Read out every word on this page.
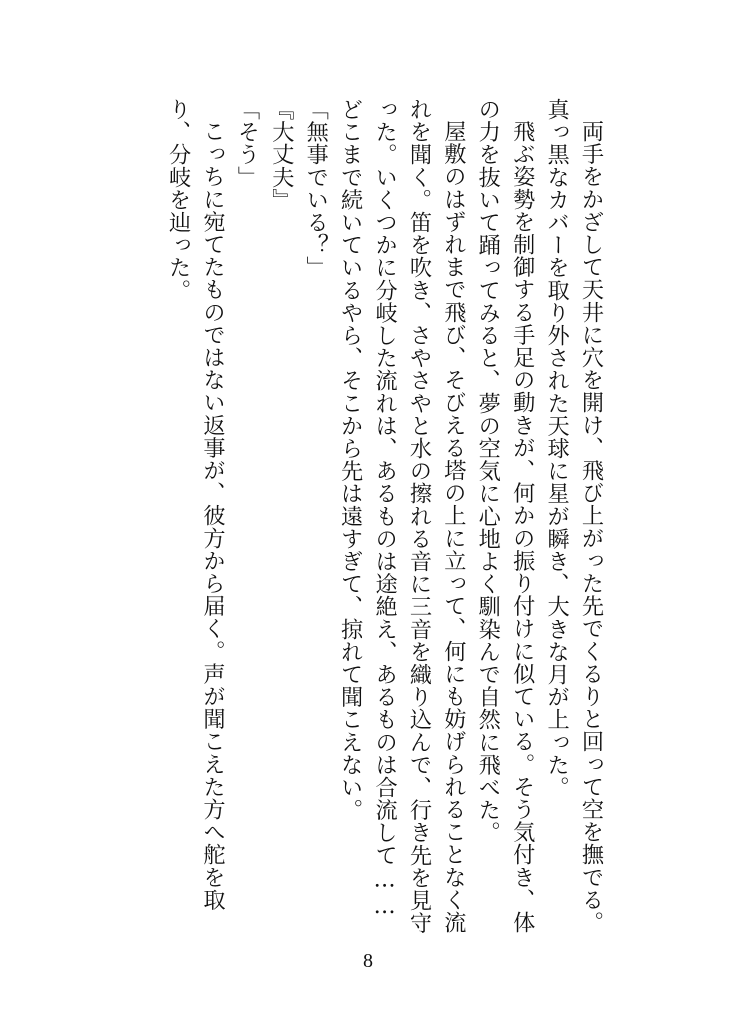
両手をかざして天井に穴を開け、飛び上がった先でくるりと回って空を撫でる。真っ黒なカバーを取り外された天球に星が瞬き、大きな月が上った。

飛ぶ姿勢を制御する手足の動きが、何かの振り付けに似ている。そう気付き、体の力を抜いて踊ってみると、夢の空気に心地よく馴染んで自然に飛べた。

屋敷のはずれまで飛び、そびえる塔の上に立って、何にも妨げられることなく流れを聞く。笛を吹き、さやさやと水の擦れる音に三音を織り込んで、行き先を見守った。いくつかに分岐した流れは、あるものは途絶え、あるものは合流して……どこまで続いているやら、そこから先は遠すぎて、掠れて聞こえない。

「無事でいる？」

『大丈夫』

「そう」

こっちに宛てたものではない返事が、彼方から届く。声が聞こえた方へ舵を取り、分岐を辿った。

8
